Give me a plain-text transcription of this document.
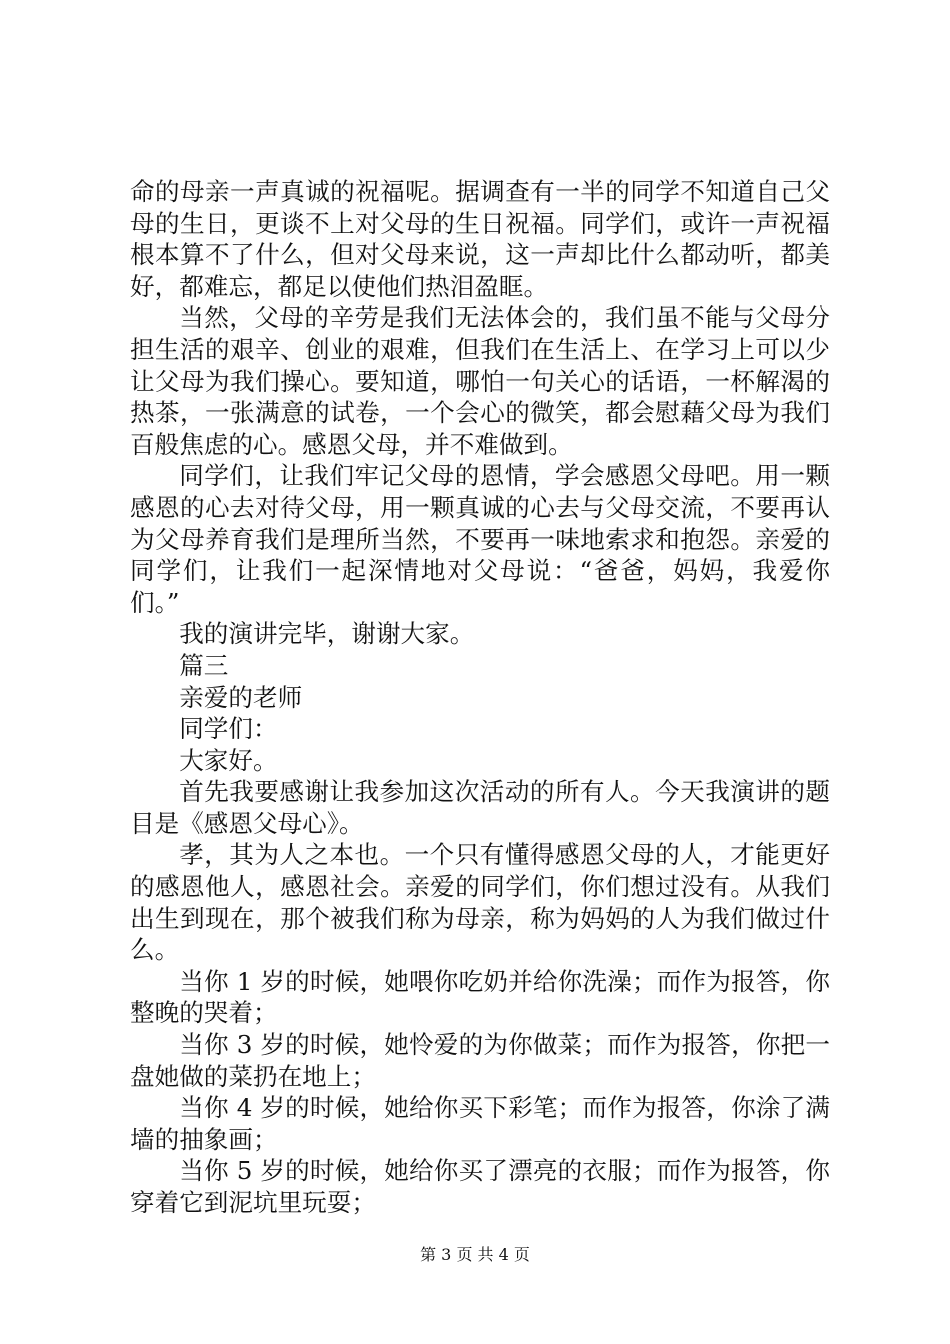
命的母亲一声真诚的祝福呢。据调查有一半的同学不知道自己父母的生日，更谈不上对父母的生日祝福。同学们，或许一声祝福根本算不了什么，但对父母来说，这一声却比什么都动听，都美好，都难忘，都足以使他们热泪盈眶。

当然，父母的辛劳是我们无法体会的，我们虽不能与父母分担生活的艰辛、创业的艰难，但我们在生活上、在学习上可以少让父母为我们操心。要知道，哪怕一句关心的话语，一杯解渴的热茶，一张满意的试卷，一个会心的微笑，都会慰藉父母为我们百般焦虑的心。感恩父母，并不难做到。

同学们，让我们牢记父母的恩情，学会感恩父母吧。用一颗感恩的心去对待父母，用一颗真诚的心去与父母交流，不要再认为父母养育我们是理所当然，不要再一味地索求和抱怨。亲爱的同学们，让我们一起深情地对父母说：“爸爸，妈妈，我爱你们。”

我的演讲完毕，谢谢大家。

篇三

亲爱的老师

同学们：

大家好。

首先我要感谢让我参加这次活动的所有人。今天我演讲的题目是《感恩父母心》。

孝，其为人之本也。一个只有懂得感恩父母的人，才能更好的感恩他人，感恩社会。亲爱的同学们，你们想过没有。从我们出生到现在，那个被我们称为母亲，称为妈妈的人为我们做过什么。

当你 1 岁的时候，她喂你吃奶并给你洗澡；而作为报答，你整晚的哭着；

当你 3 岁的时候，她怜爱的为你做菜；而作为报答，你把一盘她做的菜扔在地上；

当你 4 岁的时候，她给你买下彩笔；而作为报答，你涂了满墙的抽象画；

当你 5 岁的时候，她给你买了漂亮的衣服；而作为报答，你穿着它到泥坑里玩耍；

第 3 页 共 4 页
